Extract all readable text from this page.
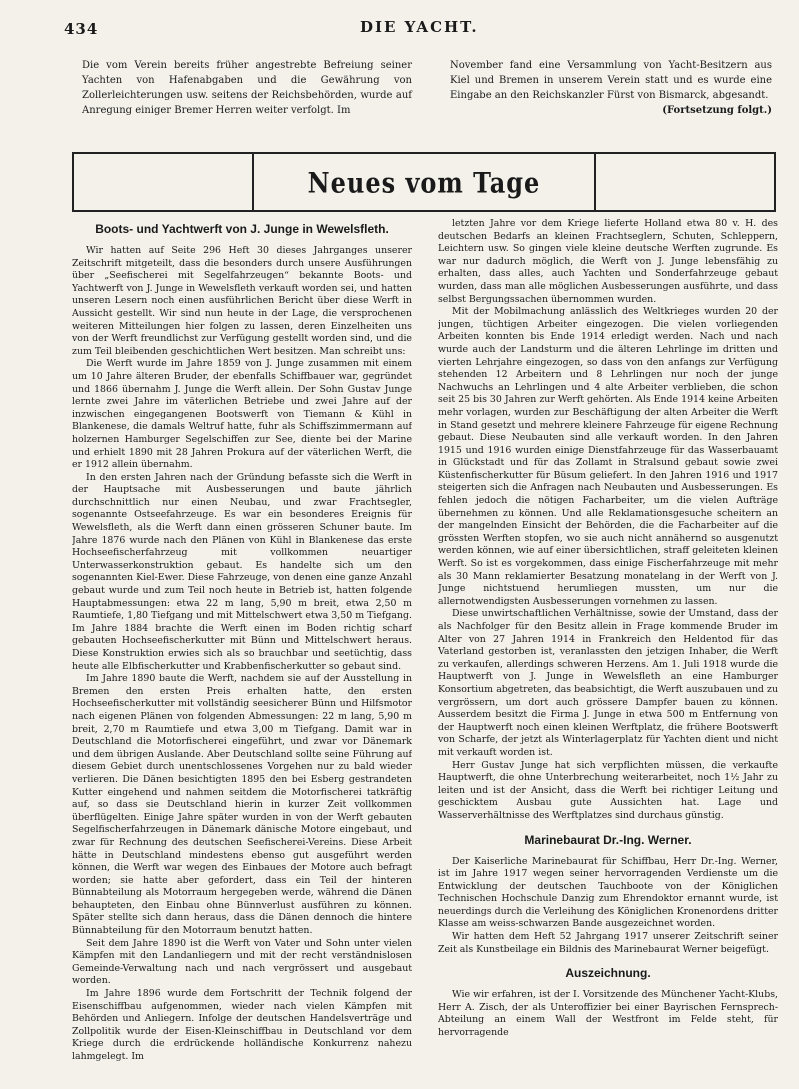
434	DIE YACHT.
Die vom Verein bereits früher angestrebte Befreiung seiner Yachten von Hafenabgaben und die Gewährung von Zollerleichterungen usw. seitens der Reichsbehörden, wurde auf Anregung einiger Bremer Herren weiter verfolgt. Im
November fand eine Versammlung von Yacht-Besitzern aus Kiel und Bremen in unserem Verein statt und es wurde eine Eingabe an den Reichskanzler Fürst von Bismarck, abgesandt.
(Fortsetzung folgt.)
Neues vom Tage

Boots- und Yachtwerft von J. Junge in Wewelsfleth.

Wir hatten auf Seite 296 Heft 30 dieses Jahrganges unserer Zeitschrift mitgeteilt, dass die besonders durch unsere Ausführungen über „Seefischerei mit Segelfahrzeugen“ bekannte Boots- und Yachtwerft von J. Junge in Wewelsfleth verkauft worden sei, und hatten unseren Lesern noch einen ausführlichen Bericht über diese Werft in Aussicht gestellt. Wir sind nun heute in der Lage, die versprochenen weiteren Mitteilungen hier folgen zu lassen, deren Einzelheiten uns von der Werft freundlichst zur Verfügung gestellt worden sind, und die zum Teil bleibenden geschichtlichen Wert besitzen. Man schreibt uns:

Die Werft wurde im Jahre 1859 von J. Junge zusammen mit einem um 10 Jahre älteren Bruder, der ebenfalls Schiffbauer war, gegründet und 1866 übernahm J. Junge die Werft allein. Der Sohn Gustav Junge lernte zwei Jahre im väterlichen Betriebe und zwei Jahre auf der inzwischen eingegangenen Bootswerft von Tiemann & Kühl in Blankenese, die damals Weltruf hatte, fuhr als Schiffszimmermann auf holzernen Hamburger Segelschiffen zur See, diente bei der Marine und erhielt 1890 mit 28 Jahren Prokura auf der väterlichen Werft, die er 1912 allein übernahm.

In den ersten Jahren nach der Gründung befasste sich die Werft in der Hauptsache mit Ausbesserungen und baute jährlich durchschnittlich nur einen Neubau, und zwar Frachtsegler, sogenannte Ostseefahrzeuge. Es war ein besonderes Ereignis für Wewelsfleth, als die Werft dann einen grösseren Schuner baute. Im Jahre 1876 wurde nach den Plänen von Kühl in Blankenese das erste Hochseefischerfahrzeug mit vollkommen neuartiger Unterwasserkonstruktion gebaut. Es handelte sich um den sogenannten Kiel-Ewer. Diese Fahrzeuge, von denen eine ganze Anzahl gebaut wurde und zum Teil noch heute in Betrieb ist, hatten folgende Hauptabmessungen: etwa 22 m lang, 5,90 m breit, etwa 2,50 m Raumtiefe, 1,80 Tiefgang und mit Mittelschwert etwa 3,50 m Tiefgang. Im Jahre 1884 brachte die Werft einen im Boden richtig scharf gebauten Hochseefischerkutter mit Bünn und Mittelschwert heraus. Diese Konstruktion erwies sich als so brauchbar und seetüchtig, dass heute alle Elbfischerkutter und Krabbenfischerkutter so gebaut sind.

Im Jahre 1890 baute die Werft, nachdem sie auf der Ausstellung in Bremen den ersten Preis erhalten hatte, den ersten Hochseefischerkutter mit vollständig seesicherer Bünn und Hilfsmotor nach eigenen Plänen von folgenden Abmessungen: 22 m lang, 5,90 m breit, 2,70 m Raumtiefe und etwa 3,00 m Tiefgang. Damit war in Deutschland die Motorfischerei eingeführt, und zwar vor Dänemark und dem übrigen Auslande. Aber Deutschland sollte seine Führung auf diesem Gebiet durch unentschlossenes Vorgehen nur zu bald wieder verlieren. Die Dänen besichtigten 1895 den bei Esberg gestrandeten Kutter eingehend und nahmen seitdem die Motorfischerei tatkräftig auf, so dass sie Deutschland hierin in kurzer Zeit vollkommen überflügelten. Einige Jahre später wurden in von der Werft gebauten Segelfischerfahrzeugen in Dänemark dänische Motore eingebaut, und zwar für Rechnung des deutschen Seefischerei-Vereins. Diese Arbeit hätte in Deutschland mindestens ebenso gut ausgeführt werden können, die Werft war wegen des Einbaues der Motore auch befragt worden; sie hatte aber gefordert, dass ein Teil der hinteren Bünnabteilung als Motorraum hergegeben werde, während die Dänen behaupteten, den Einbau ohne Bünnverlust ausführen zu können. Später stellte sich dann heraus, dass die Dänen dennoch die hintere Bünnabteilung für den Motorraum benutzt hatten.

Seit dem Jahre 1890 ist die Werft von Vater und Sohn unter vielen Kämpfen mit den Landanliegern und mit der recht verständnislosen Gemeinde-Verwaltung nach und nach vergrössert und ausgebaut worden.

Im Jahre 1896 wurde dem Fortschritt der Technik folgend der Eisenschiffbau aufgenommen, wieder nach vielen Kämpfen mit Behörden und Anliegern. Infolge der deutschen Handelsverträge und Zollpolitik wurde der Eisen-Kleinschiffbau in Deutschland vor dem Kriege durch die erdrückende holländische Konkurrenz nahezu lahmgelegt. Im

letzten Jahre vor dem Kriege lieferte Holland etwa 80 v. H. des deutschen Bedarfs an kleinen Frachtseglern, Schuten, Schleppern, Leichtern usw. So gingen viele kleine deutsche Werften zugrunde. Es war nur dadurch möglich, die Werft von J. Junge lebensfähig zu erhalten, dass alles, auch Yachten und Sonderfahrzeuge gebaut wurden, dass man alle möglichen Ausbesserungen ausführte, und dass selbst Bergungssachen übernommen wurden.

Mit der Mobilmachung anlässlich des Weltkrieges wurden 20 der jungen, tüchtigen Arbeiter eingezogen. Die vielen vorliegenden Arbeiten konnten bis Ende 1914 erledigt werden. Nach und nach wurde auch der Landsturm und die älteren Lehrlinge im dritten und vierten Lehrjahre eingezogen, so dass von den anfangs zur Verfügung stehenden 12 Arbeitern und 8 Lehrlingen nur noch der junge Nachwuchs an Lehrlingen und 4 alte Arbeiter verblieben, die schon seit 25 bis 30 Jahren zur Werft gehörten. Als Ende 1914 keine Arbeiten mehr vorlagen, wurden zur Beschäftigung der alten Arbeiter die Werft in Stand gesetzt und mehrere kleinere Fahrzeuge für eigene Rechnung gebaut. Diese Neubauten sind alle verkauft worden. In den Jahren 1915 und 1916 wurden einige Dienstfahrzeuge für das Wasserbauamt in Glückstadt und für das Zollamt in Stralsund gebaut sowie zwei Küstenfischerkutter für Büsum geliefert. In den Jahren 1916 und 1917 steigerten sich die Anfragen nach Neubauten und Ausbesserungen. Es fehlen jedoch die nötigen Facharbeiter, um die vielen Aufträge übernehmen zu können. Und alle Reklamationsgesuche scheitern an der mangelnden Einsicht der Behörden, die die Facharbeiter auf die grössten Werften stopfen, wo sie auch nicht annähernd so ausgenutzt werden können, wie auf einer übersichtlichen, straff geleiteten kleinen Werft. So ist es vorgekommen, dass einige Fischerfahrzeuge mit mehr als 30 Mann reklamierter Besatzung monatelang in der Werft von J. Junge nichtstuend herumliegen mussten, um nur die allernotwendigsten Ausbesserungen vornehmen zu lassen.

Diese unwirtschaftlichen Verhältnisse, sowie der Umstand, dass der als Nachfolger für den Besitz allein in Frage kommende Bruder im Alter von 27 Jahren 1914 in Frankreich den Heldentod für das Vaterland gestorben ist, veranlassten den jetzigen Inhaber, die Werft zu verkaufen, allerdings schweren Herzens. Am 1. Juli 1918 wurde die Hauptwerft von J. Junge in Wewelsfleth an eine Hamburger Konsortium abgetreten, das beabsichtigt, die Werft auszubauen und zu vergrössern, um dort auch grössere Dampfer bauen zu können. Ausserdem besitzt die Firma J. Junge in etwa 500 m Entfernung von der Hauptwerft noch einen kleinen Werftplatz, die frühere Bootswerft von Scharfe, der jetzt als Winterlagerplatz für Yachten dient und nicht mit verkauft worden ist.

Herr Gustav Junge hat sich verpflichten müssen, die verkaufte Hauptwerft, die ohne Unterbrechung weiterarbeitet, noch 1½ Jahr zu leiten und ist der Ansicht, dass die Werft bei richtiger Leitung und geschicktem Ausbau gute Aussichten hat. Lage und Wasserverhältnisse des Werftplatzes sind durchaus günstig.

Marinebaurat Dr.-Ing. Werner.

Der Kaiserliche Marinebaurat für Schiffbau, Herr Dr.-Ing. Werner, ist im Jahre 1917 wegen seiner hervorragenden Verdienste um die Entwicklung der deutschen Tauchboote von der Königlichen Technischen Hochschule Danzig zum Ehrendoktor ernannt wurde, ist neuerdings durch die Verleihung des Königlichen Kronenordens dritter Klasse am weiss-schwarzen Bande ausgezeichnet worden.

Wir hatten dem Heft 52 Jahrgang 1917 unserer Zeitschrift seiner Zeit als Kunstbeilage ein Bildnis des Marinebaurat Werner beigefügt.

Auszeichnung.

Wie wir erfahren, ist der I. Vorsitzende des Münchener Yacht-Klubs, Herr A. Zisch, der als Unteroffizier bei einer Bayrischen Fernsprech-Abteilung an einem Wall der Westfront im Felde steht, für hervorragende
